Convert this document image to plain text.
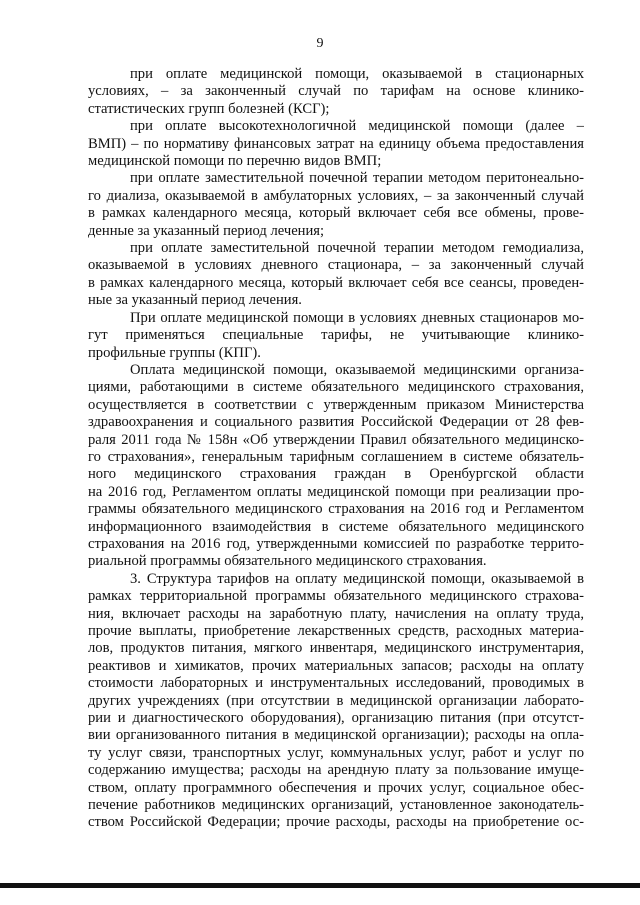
9
при оплате медицинской помощи, оказываемой в стационарных
условиях, – за законченный случай по тарифам на основе клинико-
статистических групп болезней (КСГ);
при оплате высокотехнологичной медицинской помощи (далее –
ВМП) – по нормативу финансовых затрат на единицу объема предоставления
медицинской помощи по перечню видов ВМП;
при оплате заместительной почечной терапии методом перитонеально-
го диализа, оказываемой в амбулаторных условиях, – за законченный случай
в рамках календарного месяца, который включает себя все обмены, прове-
денные за указанный период лечения;
при оплате заместительной почечной терапии методом гемодиализа,
оказываемой в условиях дневного стационара, – за законченный случай
в рамках календарного месяца, который включает себя все сеансы, проведен-
ные за указанный период лечения.
При оплате медицинской помощи в условиях дневных стационаров мо-
гут применяться специальные тарифы, не учитывающие клинико-
профильные группы (КПГ).
Оплата медицинской помощи, оказываемой медицинскими организа-
циями, работающими в системе обязательного медицинского страхования,
осуществляется в соответствии с утвержденным приказом Министерства
здравоохранения и социального развития Российской Федерации от 28 фев-
раля 2011 года № 158н «Об утверждении Правил обязательного медицинско-
го страхования», генеральным тарифным соглашением в системе обязатель-
ного медицинского страхования граждан в Оренбургской области
на 2016 год, Регламентом оплаты медицинской помощи при реализации про-
граммы обязательного медицинского страхования на 2016 год и Регламентом
информационного взаимодействия в системе обязательного медицинского
страхования на 2016 год, утвержденными комиссией по разработке террито-
риальной программы обязательного медицинского страхования.
3. Структура тарифов на оплату медицинской помощи, оказываемой в
рамках территориальной программы обязательного медицинского страхова-
ния, включает расходы на заработную плату, начисления на оплату труда,
прочие выплаты, приобретение лекарственных средств, расходных материа-
лов, продуктов питания, мягкого инвентаря, медицинского инструментария,
реактивов и химикатов, прочих материальных запасов; расходы на оплату
стоимости лабораторных и инструментальных исследований, проводимых в
других учреждениях (при отсутствии в медицинской организации лаборато-
рии и диагностического оборудования), организацию питания (при отсутст-
вии организованного питания в медицинской организации); расходы на опла-
ту услуг связи, транспортных услуг, коммунальных услуг, работ и услуг по
содержанию имущества; расходы на арендную плату за пользование имуще-
ством, оплату программного обеспечения и прочих услуг, социальное обес-
печение работников медицинских организаций, установленное законодатель-
ством Российской Федерации; прочие расходы, расходы на приобретение ос-
